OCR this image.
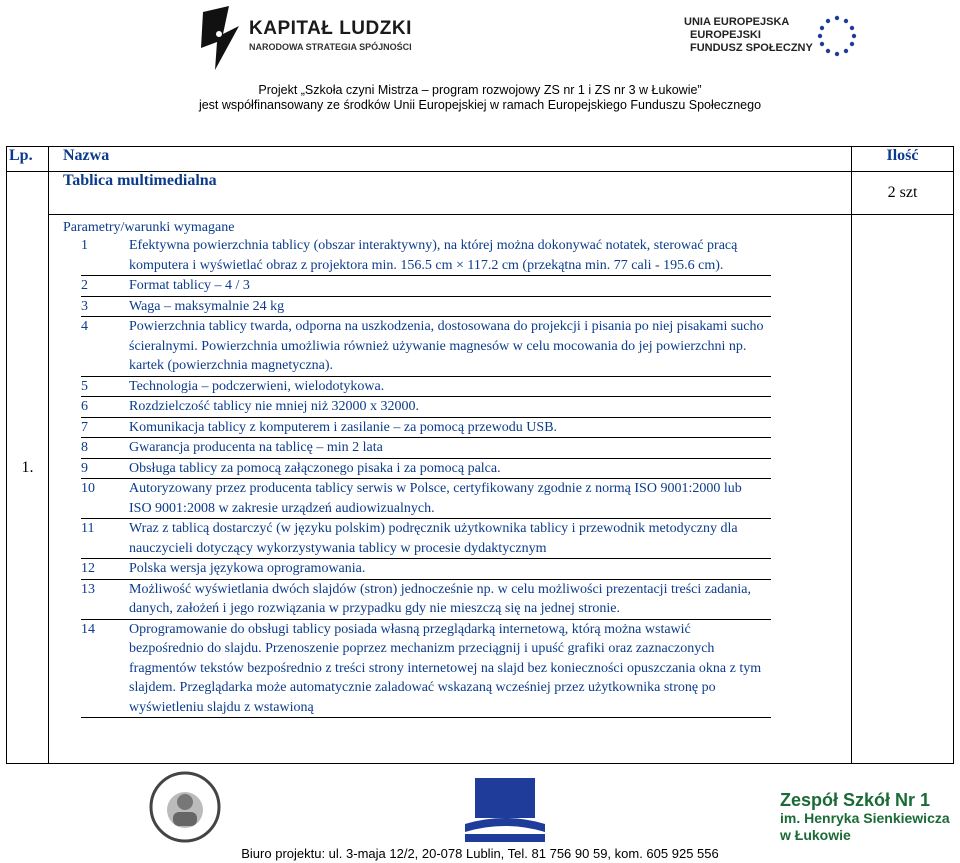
KAPITAŁ LUDZKI
NARODOWA STRATEGIA SPÓJNOŚCI
UNIA EUROPEJSKA
EUROPEJSKI
FUNDUSZ SPOŁECZNY
Projekt „Szkoła czyni Mistrza – program rozwojowy ZS nr 1 i ZS nr 3 w Łukowie”
jest współfinansowany ze środków Unii Europejskiej w ramach Europejskiego Funduszu Społecznego
Lp.	Nazwa	Ilość
1.	Tablica multimedialna	2 szt

Parametry/warunki wymagane
1	Efektywna powierzchnia tablicy (obszar interaktywny), na której można dokonywać notatek, sterować pracą komputera i wyświetlać obraz z projektora min. 156.5 cm × 117.2 cm (przekątna min. 77 cali - 195.6 cm).
2	Format tablicy – 4 / 3
3	Waga – maksymalnie 24 kg
4	Powierzchnia tablicy twarda, odporna na uszkodzenia, dostosowana do projekcji i pisania po niej pisakami sucho ścieralnymi. Powierzchnia umożliwia również używanie magnesów w celu mocowania do jej powierzchni np. kartek (powierzchnia magnetyczna).
5	Technologia – podczerwieni, wielodotykowa.
6	Rozdzielczość tablicy nie mniej niż 32000 x 32000.
7	Komunikacja tablicy z komputerem i zasilanie – za pomocą przewodu USB.
8	Gwarancja producenta na tablicę – min 2 lata
9	Obsługa tablicy za pomocą załączonego pisaka i za pomocą palca.
10	Autoryzowany przez producenta tablicy serwis w Polsce, certyfikowany zgodnie z normą ISO 9001:2000 lub ISO 9001:2008 w zakresie urządzeń audiowizualnych.
11	Wraz z tablicą dostarczyć (w języku polskim) podręcznik użytkownika tablicy i przewodnik metodyczny dla nauczycieli dotyczący wykorzystywania tablicy w procesie dydaktycznym
12	Polska wersja językowa oprogramowania.
13	Możliwość wyświetlania dwóch slajdów (stron) jednocześnie np. w celu możliwości prezentacji treści zadania, danych, założeń i jego rozwiązania w przypadku gdy nie mieszczą się na jednej stronie.
14	Oprogramowanie do obsługi tablicy posiada własną przeglądarką internetową, którą można wstawić bezpośrednio do slajdu. Przenoszenie poprzez mechanizm przeciągnij i upuść grafiki oraz zaznaczonych fragmentów tekstów bezpośrednio z treści strony internetowej na slajd bez konieczności opuszczania okna z tym slajdem. Przeglądarka może automatycznie zaladować wskazaną wcześniej przez użytkownika stronę po wyświetleniu slajdu z wstawioną

Zespół Szkół Nr 1
im. Henryka Sienkiewicza
w Łukowie
Biuro projektu: ul. 3-maja 12/2, 20-078 Lublin, Tel. 81 756 90 59, kom. 605 925 556
